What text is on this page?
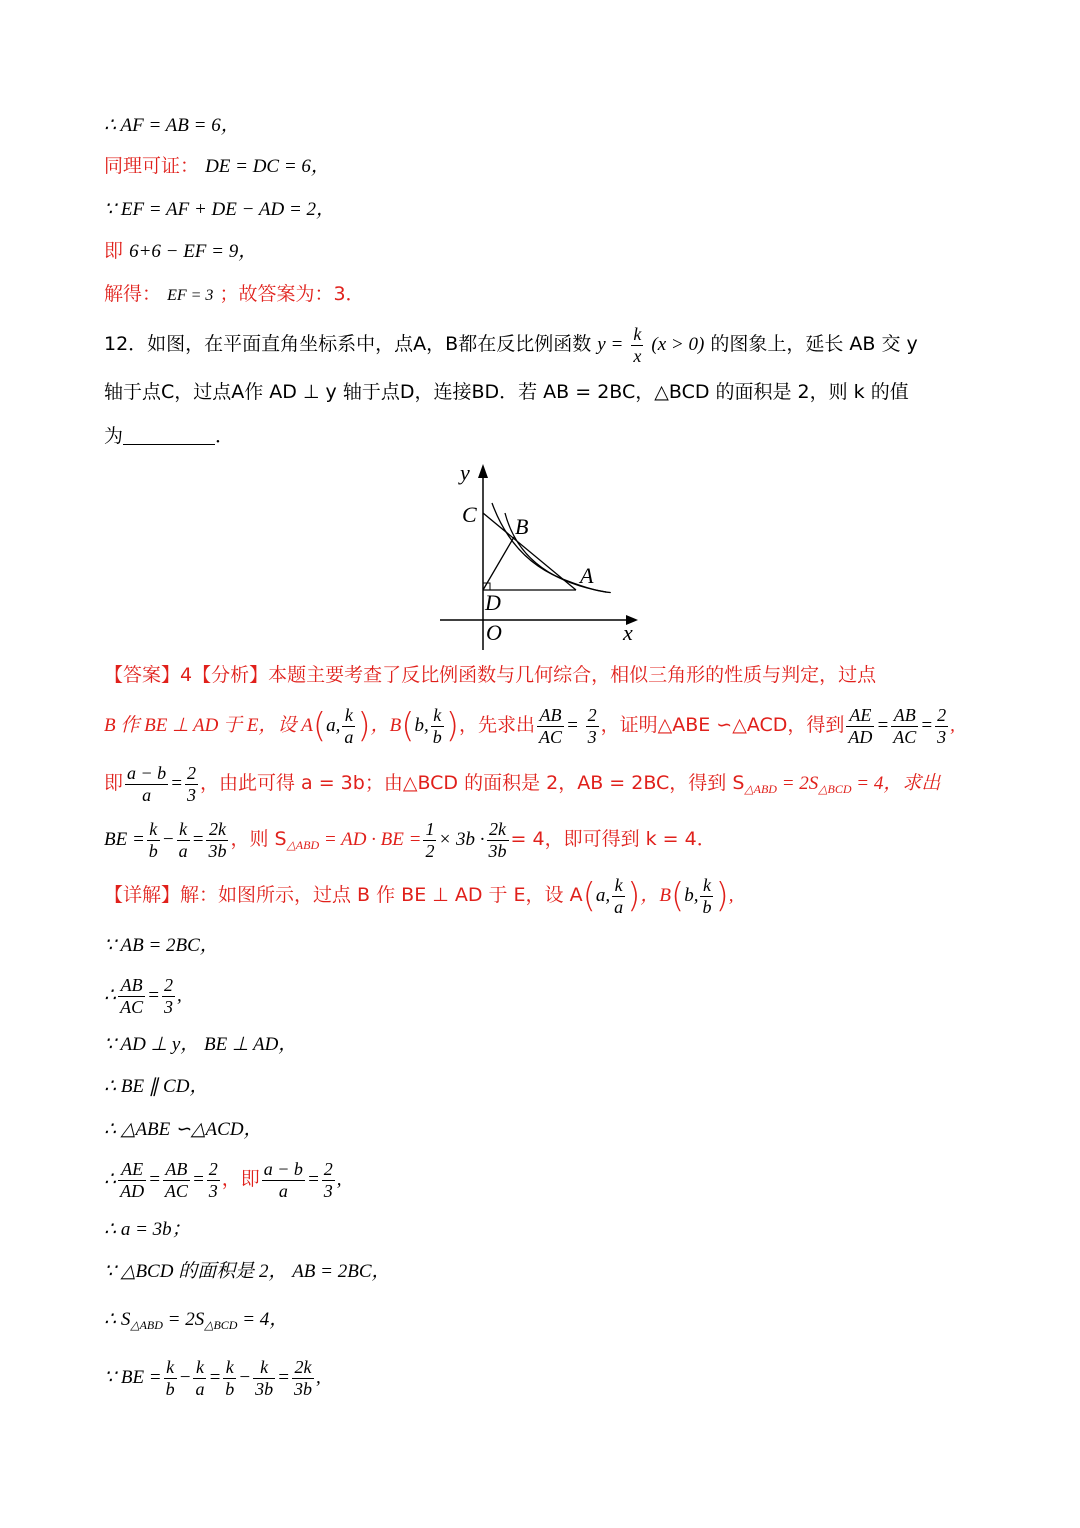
∴ AF = AB = 6，
同理可证： DE = DC = 6，
∵ EF = AF + DE − AD = 2，
即 6+6 − EF = 9，
解得： EF = 3 ；故答案为：3．
12．如图，在平面直角坐标系中，点A，B都在反比例函数 $y = \frac{k}{x} (x > 0)$ 的图象上，延长 AB 交 y
轴于点C，过点A作 AD ⊥ y 轴于点D，连接BD．若 AB = 2BC，△BCD 的面积是 2，则 k 的值
为	．
y
x
O
C B
A
D
【答案】4【分析】本题主要考查了反比例函数与几何综合，相似三角形的性质与判定，过点
B 作 BE ⊥ AD 于 E，设 A(a, $\frac{k}{a}$ )，B(b, $\frac{k}{b}$ )，先求出 $\frac{AB}{AC} = \frac{2}{3}$ ，证明△ABE ∽△ACD，得到 $\frac{AE}{AD} = \frac{AB}{AC} = \frac{2}{3}$ ,
即 $\frac{a - b}{a} = \frac{2}{3}$ ，由此可得 a = 3b；由△BCD 的面积是 2，AB = 2BC，得到 $S_{\triangle ABD} = 2S_{\triangle BCD} = 4$，求出
BE = $\frac{k}{b} - \frac{k}{a} = \frac{2k}{3b}$ ，则 $S_{\triangle ABD}$ = AD · BE = $\frac{1}{2} \times 3b \cdot \frac{2k}{3b} = 4$，即可得到 k = 4．
【详解】解：如图所示，过点 B 作 BE ⊥ AD 于 E，设 A(a, $\frac{k}{a}$ )，B(b, $\frac{k}{b}$ ),
∵ AB = 2BC，
∴ $\frac{AB}{AC} = \frac{2}{3}$ ,
∵ AD ⊥ y， BE ⊥ AD，
∴ BE ∥ CD，
∴ △ABE ∽△ACD，
∴ $\frac{AE}{AD} = \frac{AB}{AC} = \frac{2}{3}$ ，即 $\frac{a - b}{a} = \frac{2}{3}$ ,
∴ a = 3b；
∵ △BCD 的面积是 2， AB = 2BC，
∴ $S_{\triangle ABD} = 2S_{\triangle BCD} = 4$，
∵ BE = $\frac{k}{b} - \frac{k}{a} = \frac{k}{b} - \frac{k}{3b} = \frac{2k}{3b}$ ,
